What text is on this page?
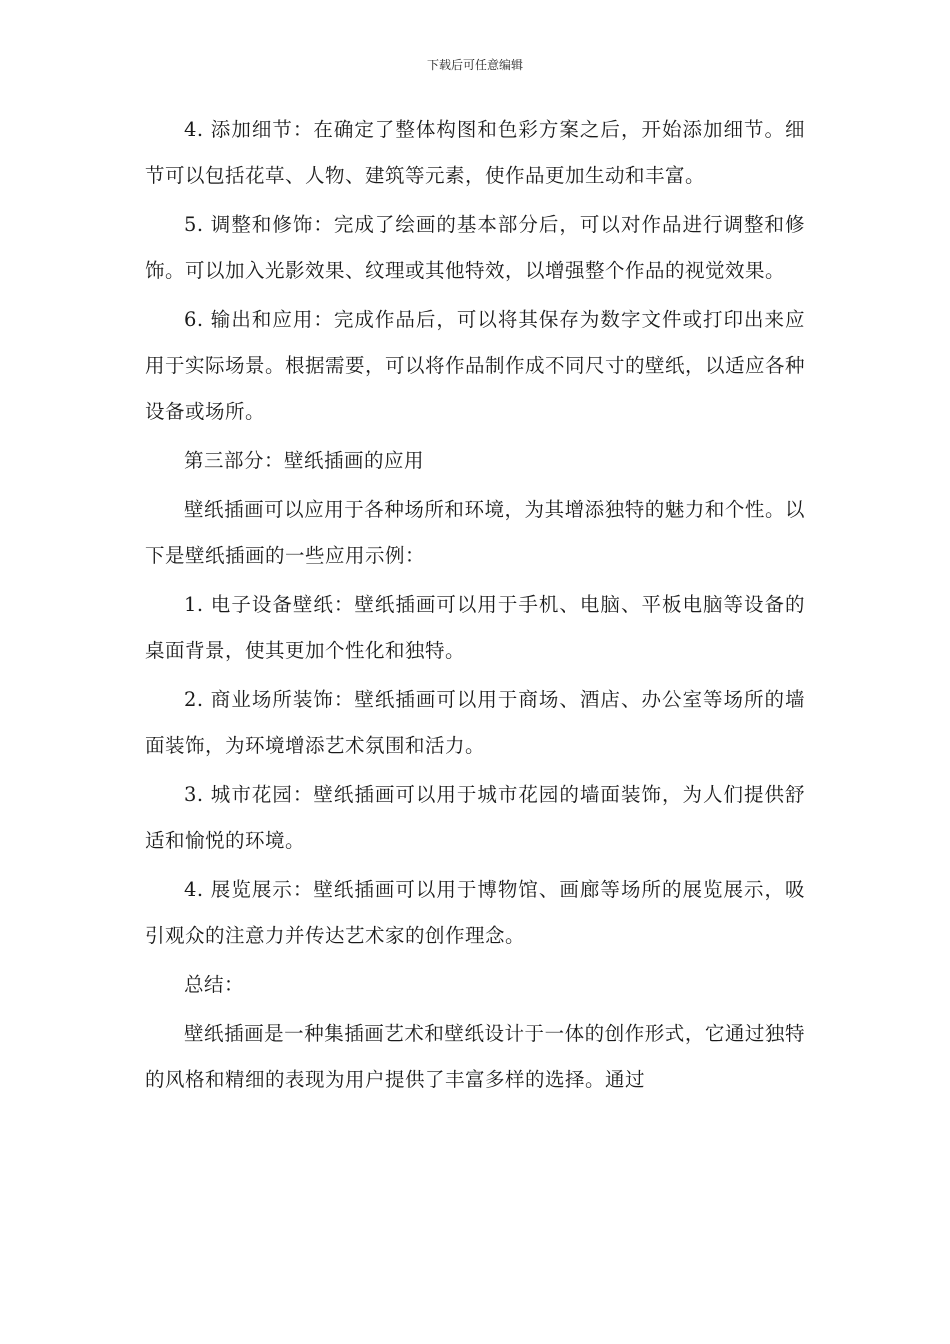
下载后可任意编辑

4. 添加细节：在确定了整体构图和色彩方案之后，开始添加细节。细节可以包括花草、人物、建筑等元素，使作品更加生动和丰富。

5. 调整和修饰：完成了绘画的基本部分后，可以对作品进行调整和修饰。可以加入光影效果、纹理或其他特效，以增强整个作品的视觉效果。

6. 输出和应用：完成作品后，可以将其保存为数字文件或打印出来应用于实际场景。根据需要，可以将作品制作成不同尺寸的壁纸，以适应各种设备或场所。

第三部分：壁纸插画的应用

壁纸插画可以应用于各种场所和环境，为其增添独特的魅力和个性。以下是壁纸插画的一些应用示例：

1. 电子设备壁纸：壁纸插画可以用于手机、电脑、平板电脑等设备的桌面背景，使其更加个性化和独特。

2. 商业场所装饰：壁纸插画可以用于商场、酒店、办公室等场所的墙面装饰，为环境增添艺术氛围和活力。

3. 城市花园：壁纸插画可以用于城市花园的墙面装饰，为人们提供舒适和愉悦的环境。

4. 展览展示：壁纸插画可以用于博物馆、画廊等场所的展览展示，吸引观众的注意力并传达艺术家的创作理念。

总结：

壁纸插画是一种集插画艺术和壁纸设计于一体的创作形式，它通过独特的风格和精细的表现为用户提供了丰富多样的选择。通过
